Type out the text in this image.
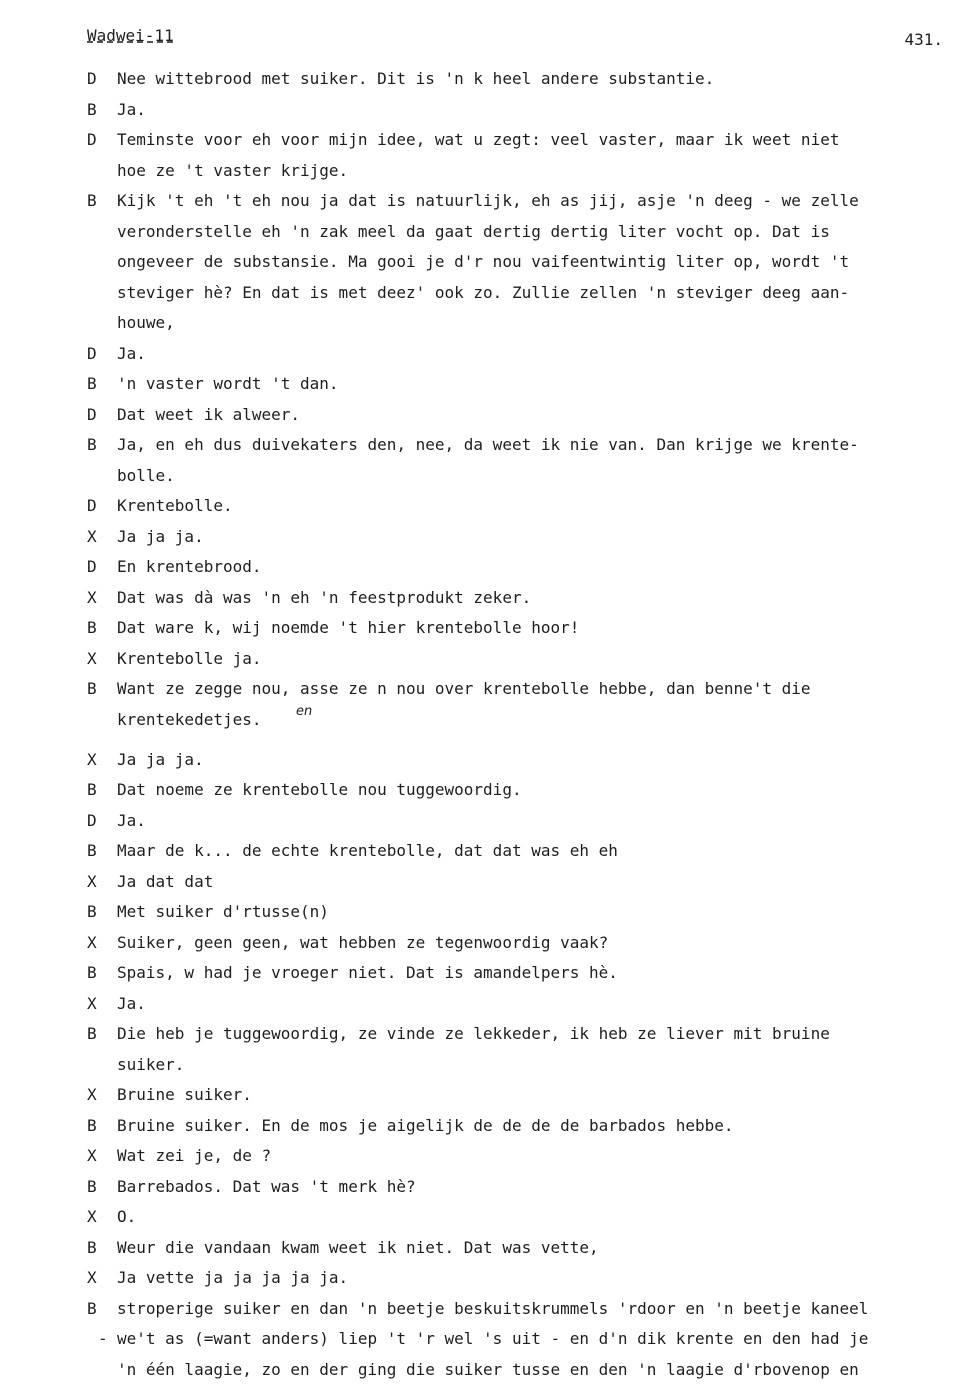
Wadwei-11	431.
D	Nee wittebrood met suiker. Dit is 'n k heel andere substantie.
B	Ja.
D	Teminste voor eh voor mijn idee, wat u zegt: veel vaster, maar ik weet niet
hoe ze 't vaster krijge.
B	Kijk 't eh 't eh nou ja dat is natuurlijk, eh as jij, asje 'n deeg - we zelle
veronderstelle eh 'n zak meel da gaat dertig dertig liter vocht op. Dat is
ongeveer de substansie. Ma gooi je d'r nou vaifeentwintig liter op, wordt 't
steviger hè? En dat is met deez' ook zo. Zullie zellen 'n steviger deeg aan-
houwe,
D	Ja.
B	'n vaster wordt 't dan.
D	Dat weet ik alweer.
B	Ja, en eh dus duivekaters den, nee, da weet ik nie van. Dan krijge we krente-
bolle.
D	Krentebolle.
X	Ja ja ja.
D	En krentebrood.
X	Dat was dà was 'n eh 'n feestprodukt zeker.
B	Dat ware k, wij noemde 't hier krentebolle hoor!
X	Krentebolle ja.
B	Want ze zegge nou, asse ze n nou over krentebolle hebbe, dan benne't die
krentekedetjes.	en
X	Ja ja ja.
B	Dat noeme ze krentebolle nou tuggewoordig.
D	Ja.
B	Maar de k... de echte krentebolle, dat dat was eh eh
X	Ja dat dat
B	Met suiker d'rtusse(n)
X	Suiker, geen geen, wat hebben ze tegenwoordig vaak?
B	Spais, w had je vroeger niet. Dat is amandelpers hè.
X	Ja.
B	Die heb je tuggewoordig, ze vinde ze lekkeder, ik heb ze liever mit bruine
suiker.
X	Bruine suiker.
B	Bruine suiker. En de mos je aigelijk de de de de barbados hebbe.
X	Wat zei je, de ?
B	Barrebados. Dat was 't merk hè?
X	O.
B	Weur die vandaan kwam weet ik niet. Dat was vette,
X	Ja vette ja ja ja ja ja.
B	stroperige suiker en dan 'n beetje beskuitskrummels 'rdoor en 'n beetje kaneel
- we't as (=want anders) liep 't 'r wel 's uit - en d'n dik krente en den had je
'n één laagie, zo en der ging die suiker tusse en den 'n laagie d'rbovenop en
